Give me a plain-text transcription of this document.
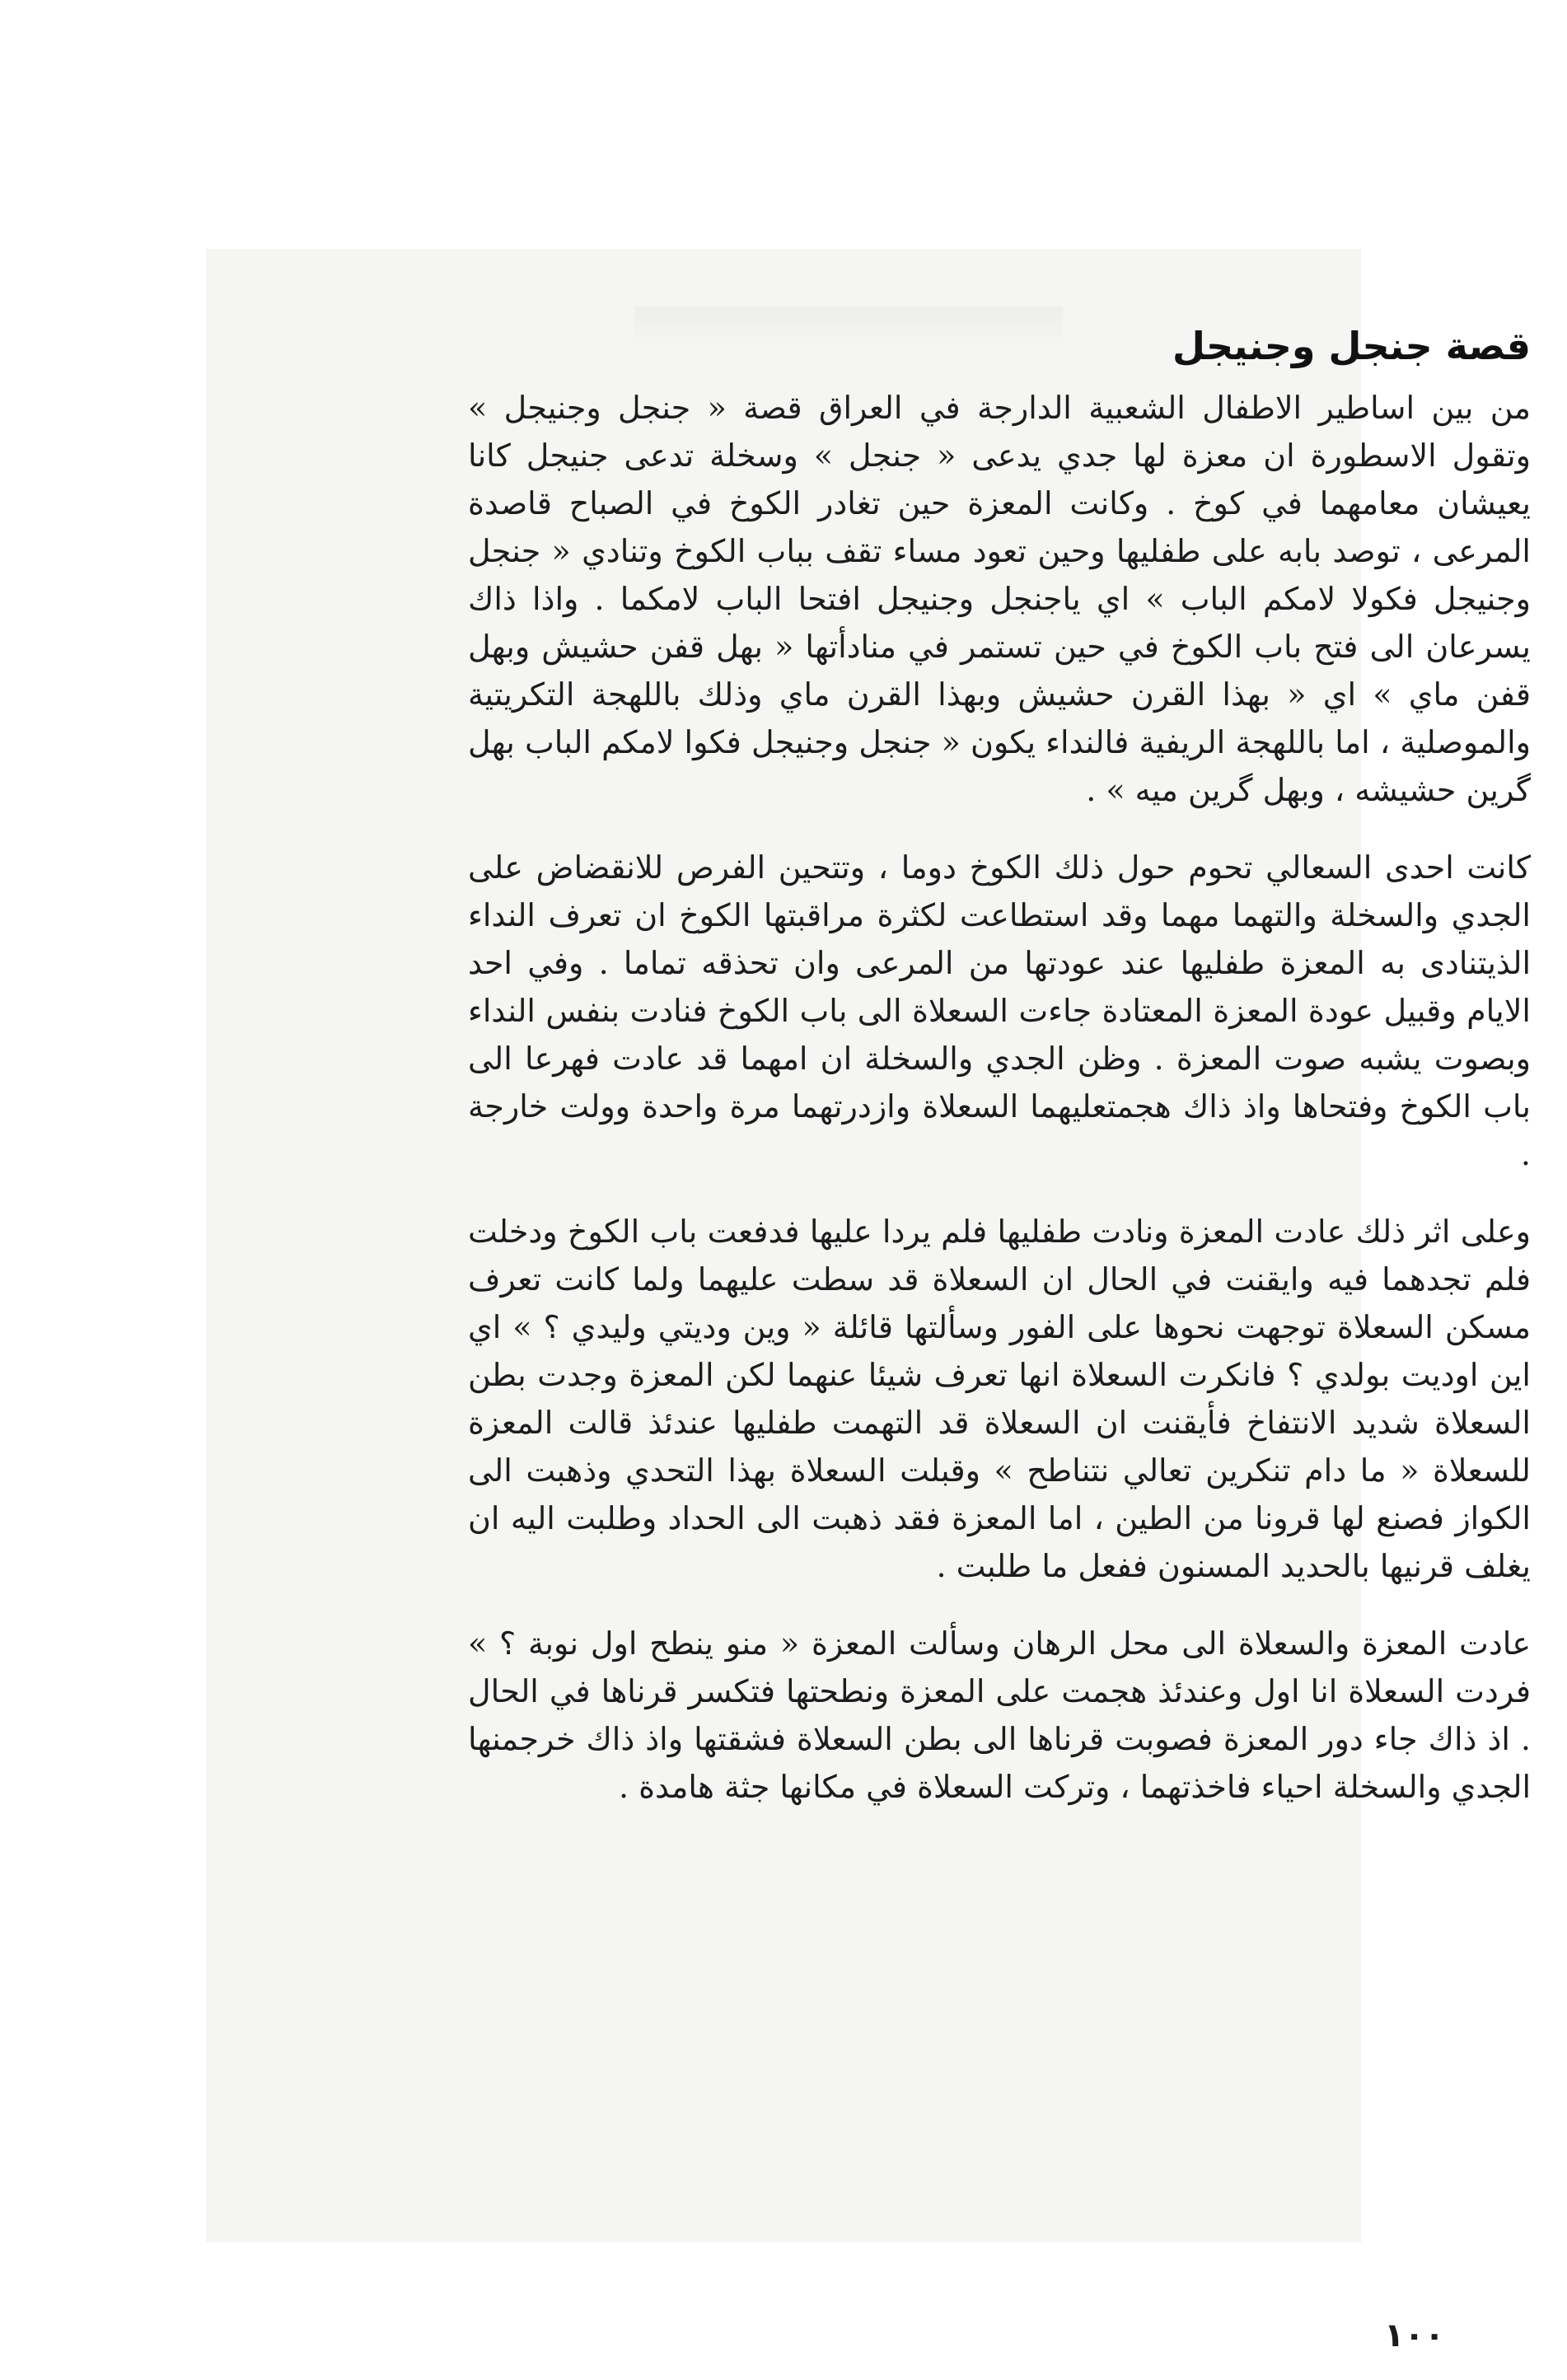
قصة جنجل وجنيجل

من بين اساطير الاطفال الشعبية الدارجة في العراق قصة « جنجل وجنيجل » وتقول الاسطورة ان معزة لها جدي يدعى « جنجل » وسخلة تدعى جنيجل كانا يعيشان معامهما في كوخ . وكانت المعزة حين تغادر الكوخ في الصباح قاصدة المرعى ، توصد بابه على طفليها وحين تعود مساء تقف بباب الكوخ وتنادي « جنجل وجنيجل فكولا لامكم الباب » اي ياجنجل وجنيجل افتحا الباب لامكما . واذا ذاك يسرعان الى فتح باب الكوخ في حين تستمر في منادأتها « بهل قفن حشيش وبهل قفن ماي » اي « بهذا القرن حشيش وبهذا القرن ماي وذلك باللهجة التكريتية والموصلية ، اما باللهجة الريفية فالنداء يكون « جنجل وجنيجل فكوا لامكم الباب بهل گرين حشيشه ، وبهل گرين ميه » .

كانت احدى السعالي تحوم حول ذلك الكوخ دوما ، وتتحين الفرص للانقضاض على الجدي والسخلة والتهما مهما وقد استطاعت لكثرة مراقبتها الكوخ ان تعرف النداء الذيتنادى به المعزة طفليها عند عودتها من المرعى وان تحذقه تماما . وفي احد الايام وقبيل عودة المعزة المعتادة جاءت السعلاة الى باب الكوخ فنادت بنفس النداء وبصوت يشبه صوت المعزة . وظن الجدي والسخلة ان امهما قد عادت فهرعا الى باب الكوخ وفتحاها واذ ذاك هجمتعليهما السعلاة وازدرتهما مرة واحدة وولت خارجة .

وعلى اثر ذلك عادت المعزة ونادت طفليها فلم يردا عليها فدفعت باب الكوخ ودخلت فلم تجدهما فيه وايقنت في الحال ان السعلاة قد سطت عليهما ولما كانت تعرف مسكن السعلاة توجهت نحوها على الفور وسألتها قائلة « وين وديتي وليدي ؟ » اي اين اوديت بولدي ؟ فانكرت السعلاة انها تعرف شيئا عنهما لكن المعزة وجدت بطن السعلاة شديد الانتفاخ فأيقنت ان السعلاة قد التهمت طفليها عندئذ قالت المعزة للسعلاة « ما دام تنكرين تعالي نتناطح » وقبلت السعلاة بهذا التحدي وذهبت الى الكواز فصنع لها قرونا من الطين ، اما المعزة فقد ذهبت الى الحداد وطلبت اليه ان يغلف قرنيها بالحديد المسنون ففعل ما طلبت .

عادت المعزة والسعلاة الى محل الرهان وسألت المعزة « منو ينطح اول نوبة ؟ » فردت السعلاة انا اول وعندئذ هجمت على المعزة ونطحتها فتكسر قرناها في الحال . اذ ذاك جاء دور المعزة فصوبت قرناها الى بطن السعلاة فشقتها واذ ذاك خرجمنها الجدي والسخلة احياء فاخذتهما ، وتركت السعلاة في مكانها جثة هامدة .

١٠٠
